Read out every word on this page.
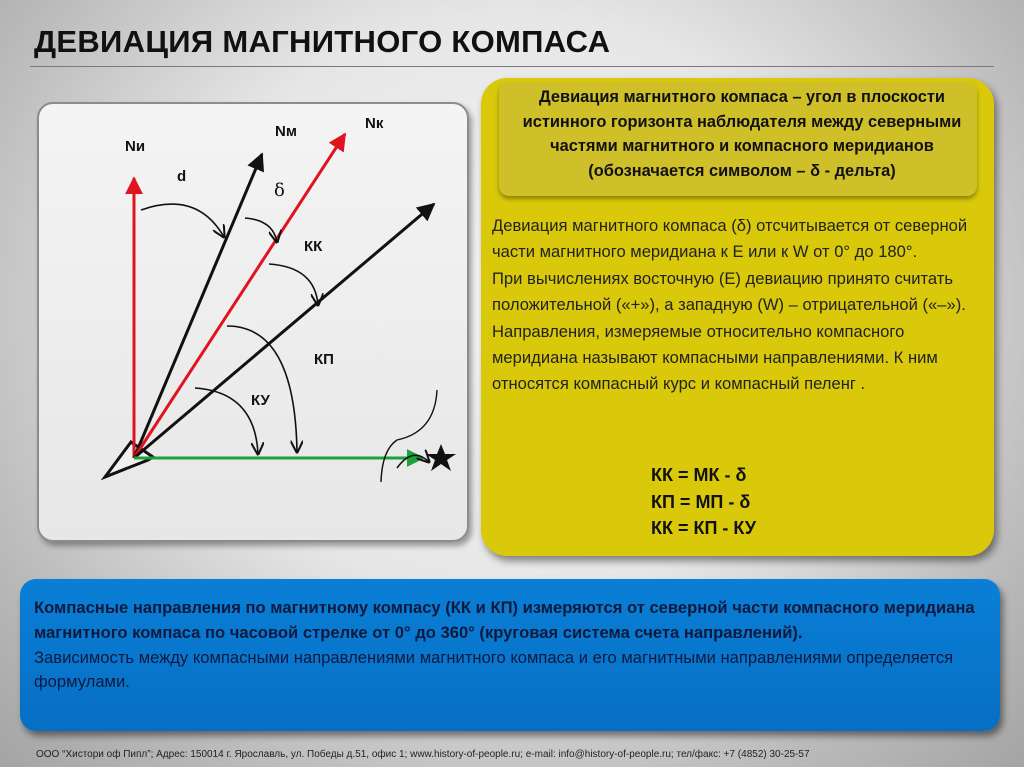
ДЕВИАЦИЯ МАГНИТНОГО КОМПАСА
Nи
Nм	Nк
d
δ
КК
КП
КУ
Девиация магнитного компаса – угол в плоскости истинного горизонта наблюдателя между северными частями магнитного и компасного меридианов (обозначается символом – δ - дельта)

Девиация магнитного компаса (δ) отсчитывается от северной части магнитного меридиана к Е или к W от 0° до 180°.

При вычислениях восточную (Е) девиацию принято считать положительной («+»), а западную (W) – отрицательной («–»).

Направления, измеряемые относительно компасного меридиана называют компасными направлениями. К ним относятся компасный курс и компасный пеленг .

КК = МК - δ
КП = МП - δ
КК = КП - КУ

Компасные направления по магнитному компасу (КК и КП) измеряются от северной части компасного меридиана магнитного компаса по часовой стрелке от 0° до 360° (круговая система счета направлений).

Зависимость между компасными направлениями магнитного компаса и его магнитными направлениями определяется формулами.

ООО “Хистори оф Пипл”; Адрес: 150014 г. Ярославль, ул. Победы д.51, офис 1; www.history-of-people.ru; e-mail: info@history-of-people.ru; тел/факс: +7 (4852) 30-25-57
